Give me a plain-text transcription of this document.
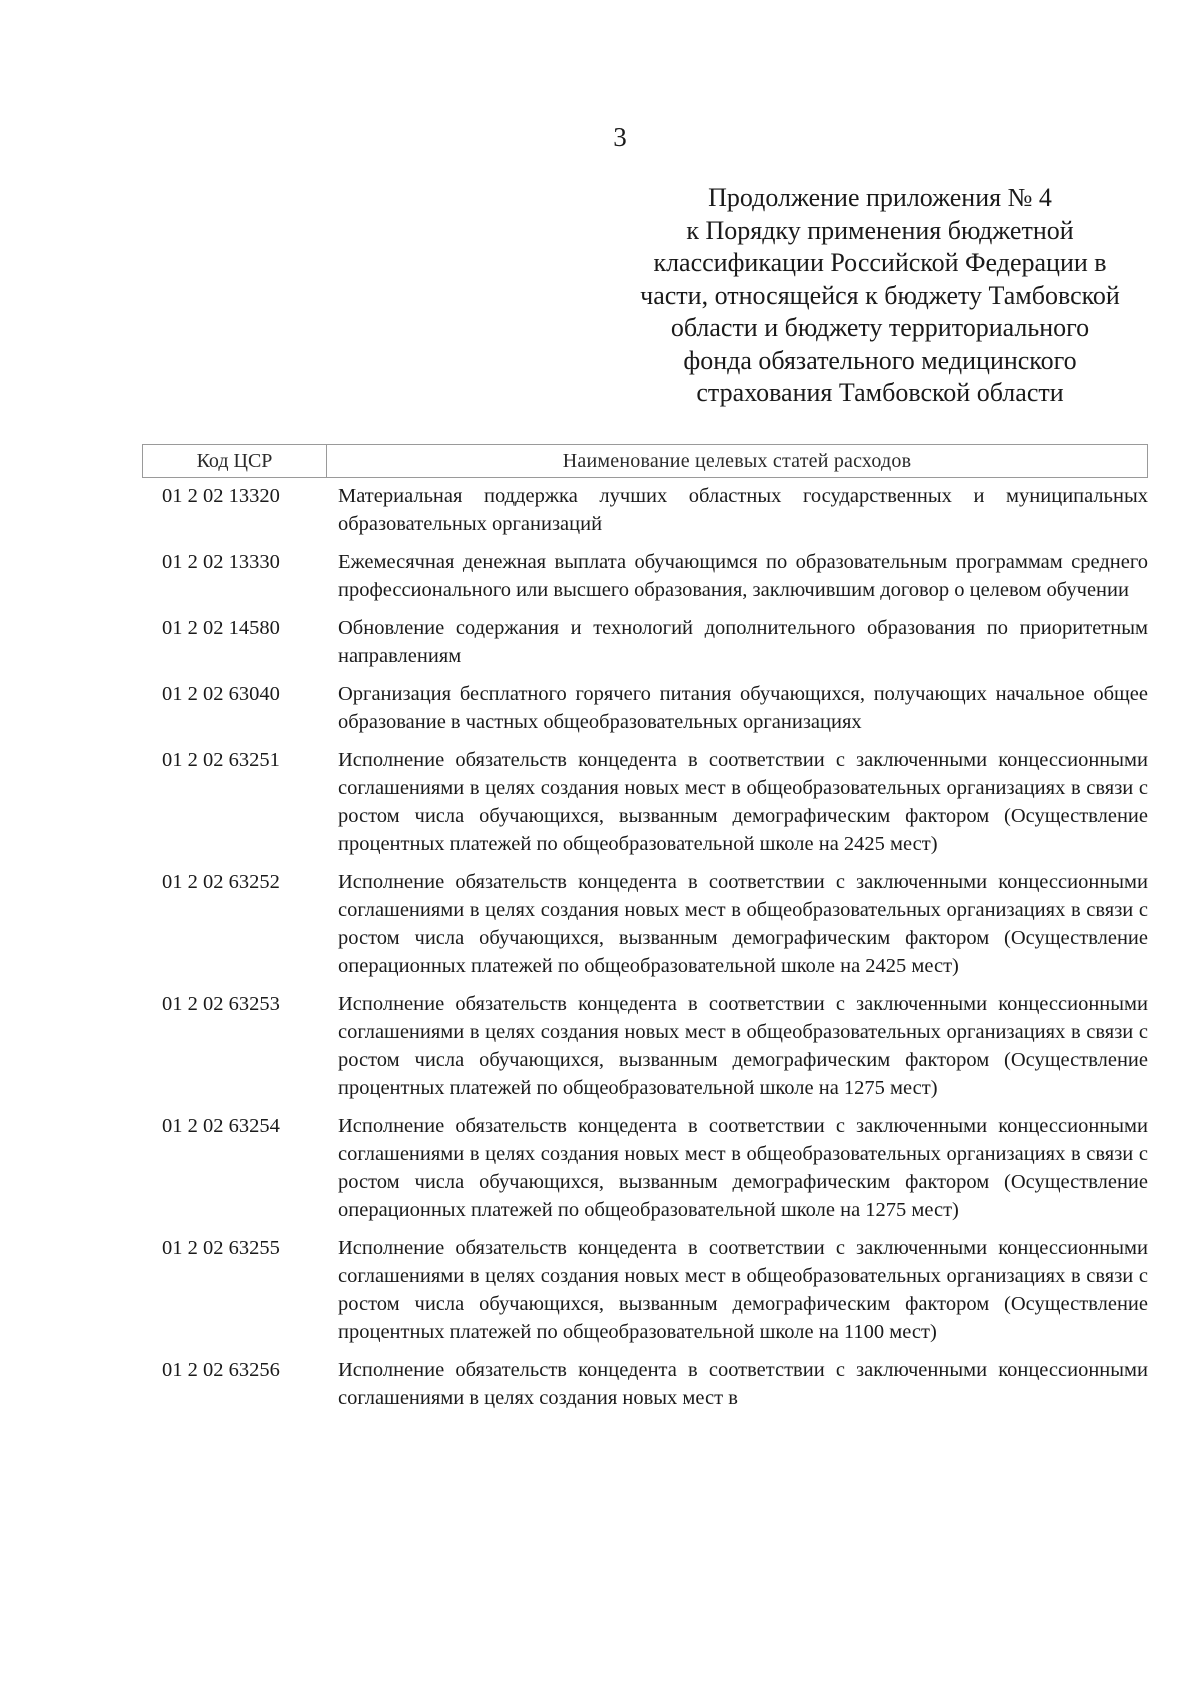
3
Продолжение приложения № 4
к Порядку применения бюджетной
классификации Российской Федерации в
части, относящейся к бюджету Тамбовской
области и бюджету территориального
фонда обязательного медицинского
страхования Тамбовской области
Код ЦСР	Наименование целевых статей расходов
01 2 02 13320	Материальная поддержка лучших областных государственных и муниципальных образовательных организаций
01 2 02 13330	Ежемесячная денежная выплата обучающимся по образовательным программам среднего профессионального или высшего образования, заключившим договор о целевом обучении
01 2 02 14580	Обновление содержания и технологий дополнительного образования по приоритетным направлениям
01 2 02 63040	Организация бесплатного горячего питания обучающихся, получающих начальное общее образование в частных общеобразовательных организациях
01 2 02 63251	Исполнение обязательств концедента в соответствии с заключенными концессионными соглашениями в целях создания новых мест в общеобразовательных организациях в связи с ростом числа обучающихся, вызванным демографическим фактором (Осуществление процентных платежей по общеобразовательной школе на 2425 мест)
01 2 02 63252	Исполнение обязательств концедента в соответствии с заключенными концессионными соглашениями в целях создания новых мест в общеобразовательных организациях в связи с ростом числа обучающихся, вызванным демографическим фактором (Осуществление операционных платежей по общеобразовательной школе на 2425 мест)
01 2 02 63253	Исполнение обязательств концедента в соответствии с заключенными концессионными соглашениями в целях создания новых мест в общеобразовательных организациях в связи с ростом числа обучающихся, вызванным демографическим фактором (Осуществление процентных платежей по общеобразовательной школе на 1275 мест)
01 2 02 63254	Исполнение обязательств концедента в соответствии с заключенными концессионными соглашениями в целях создания новых мест в общеобразовательных организациях в связи с ростом числа обучающихся, вызванным демографическим фактором (Осуществление операционных платежей по общеобразовательной школе на 1275 мест)
01 2 02 63255	Исполнение обязательств концедента в соответствии с заключенными концессионными соглашениями в целях создания новых мест в общеобразовательных организациях в связи с ростом числа обучающихся, вызванным демографическим фактором (Осуществление процентных платежей по общеобразовательной школе на 1100 мест)
01 2 02 63256	Исполнение обязательств концедента в соответствии с заключенными концессионными соглашениями в целях создания новых мест в
